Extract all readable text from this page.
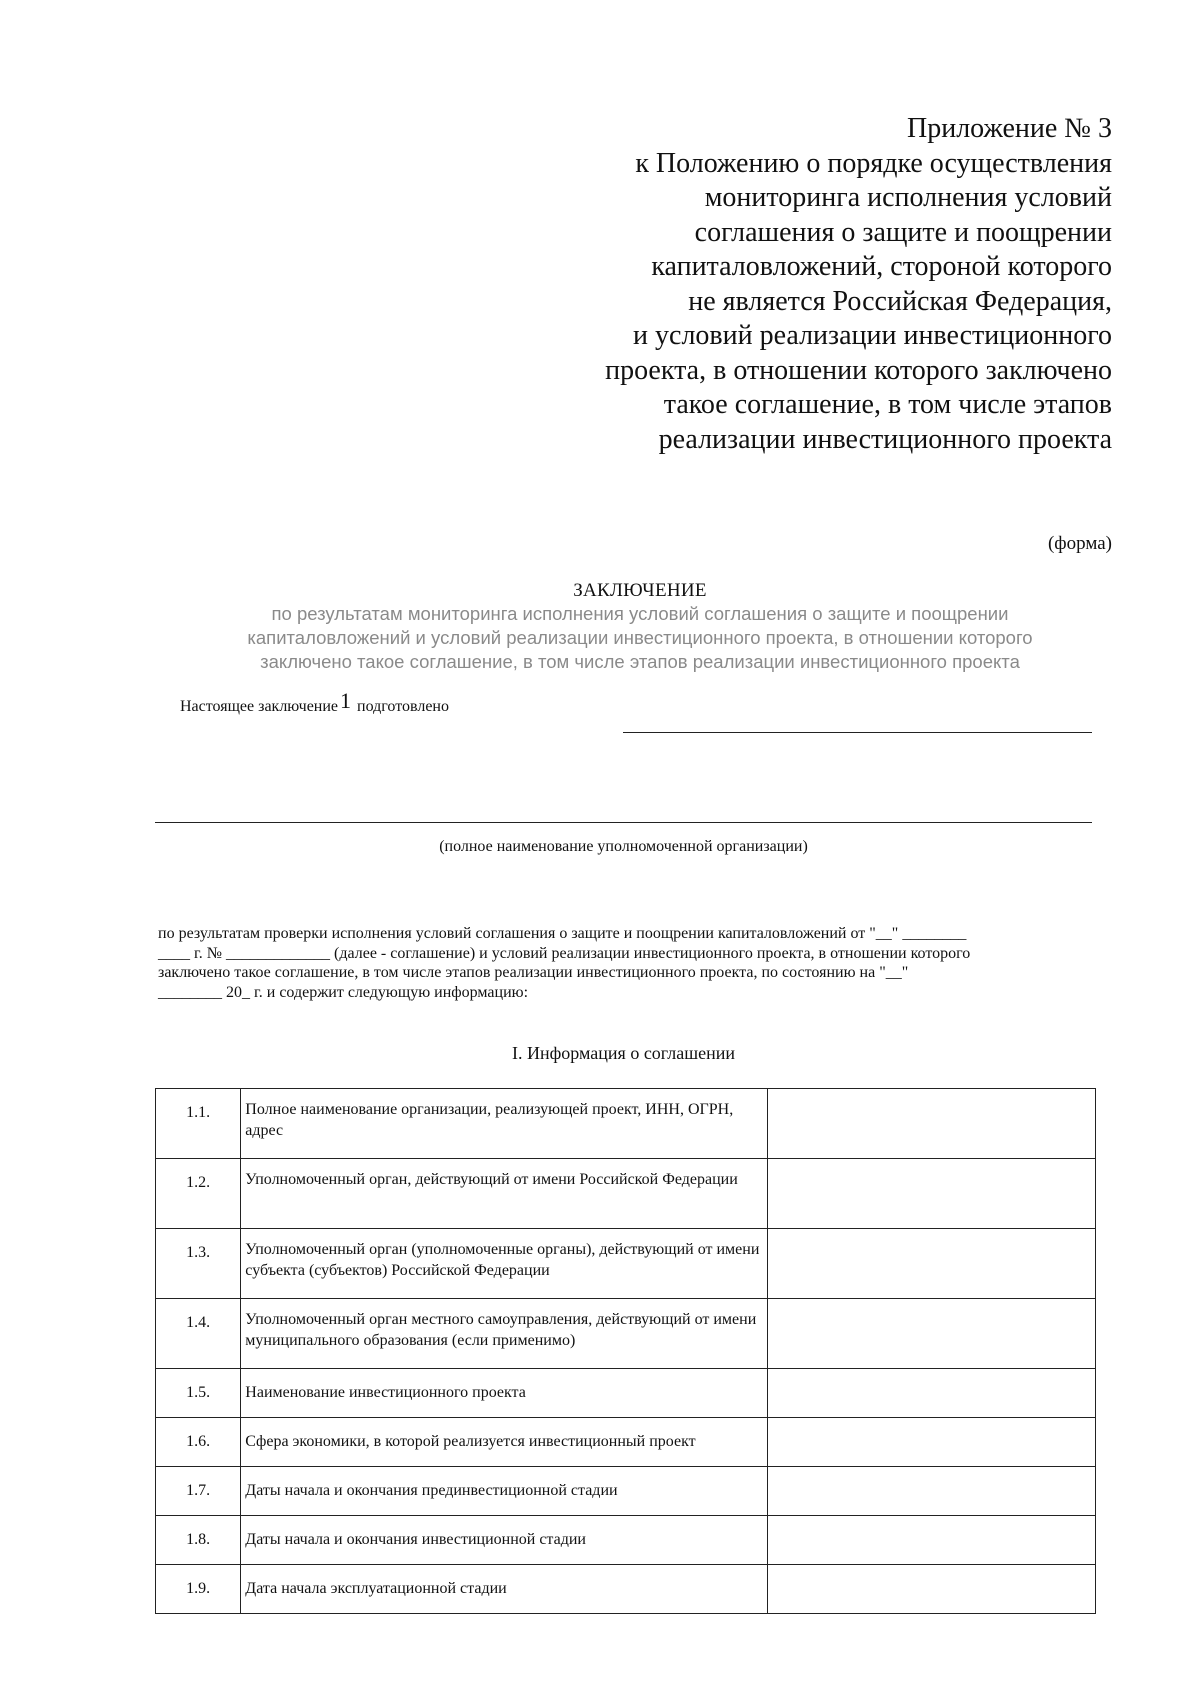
Приложение № 3
к Положению о порядке осуществления
мониторинга исполнения условий
соглашения о защите и поощрении
капиталовложений, стороной которого
не является Российская Федерация,
и условий реализации инвестиционного
проекта, в отношении которого заключено
такое соглашение, в том числе этапов
реализации инвестиционного проекта
(форма)
ЗАКЛЮЧЕНИЕ
по результатам мониторинга исполнения условий соглашения о защите и поощрении
капиталовложений и условий реализации инвестиционного проекта, в отношении которого
заключено такое соглашение, в том числе этапов реализации инвестиционного проекта
Настоящее заключение$^1$ подготовлено
(полное наименование уполномоченной организации)
по результатам проверки исполнения условий соглашения о защите и поощрении капиталовложений от "__" ________
____ г. № _____________ (далее - соглашение) и условий реализации инвестиционного проекта, в отношении которого
заключено такое соглашение, в том числе этапов реализации инвестиционного проекта, по состоянию на "__"
________ 20_ г. и содержит следующую информацию:
I. Информация о соглашении
1.1.	Полное наименование организации, реализующей проект, ИНН, ОГРН, адрес	
1.2.	Уполномоченный орган, действующий от имени Российской Федерации	
1.3.	Уполномоченный орган (уполномоченные органы), действующий от имени субъекта (субъектов) Российской Федерации	
1.4.	Уполномоченный орган местного самоуправления, действующий от имени муниципального образования (если применимо)	
1.5.	Наименование инвестиционного проекта	
1.6.	Сфера экономики, в которой реализуется инвестиционный проект	
1.7.	Даты начала и окончания прединвестиционной стадии	
1.8.	Даты начала и окончания инвестиционной стадии	
1.9.	Дата начала эксплуатационной стадии	
